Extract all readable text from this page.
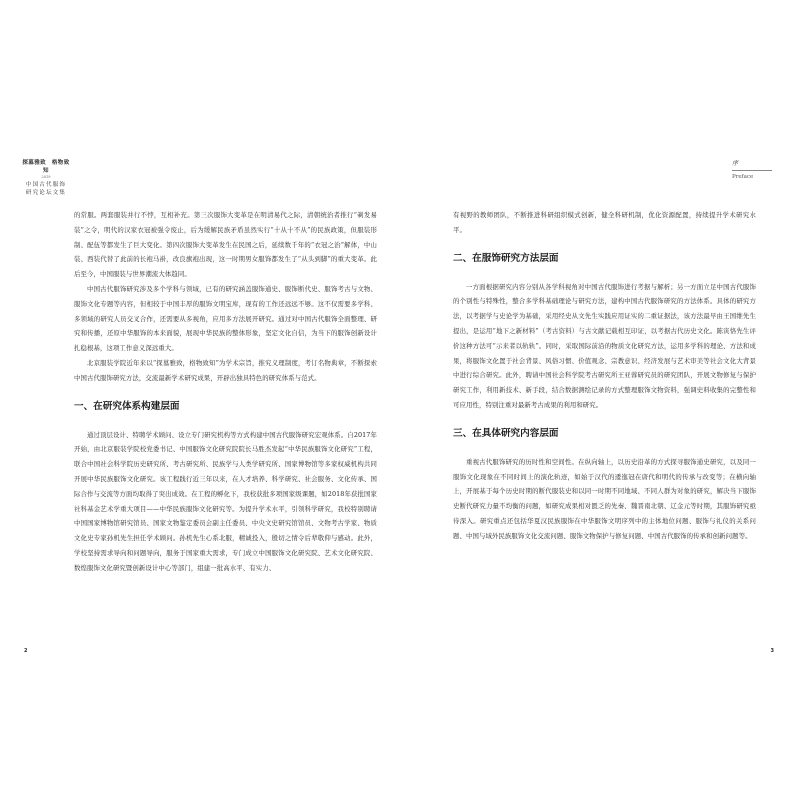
探墓雅致　格物致知
2019
中国古代服饰
研究论坛文集

的常服。两套服装并行不悖，互相补充。第三次服饰大变革是在明清易代之际，清朝统治者推行“剃发易装”之令，明代的汉家衣冠被强令废止，后为缓解民族矛盾虽然实行“十从十不从”的民族政策，但服装形制、配伍等都发生了巨大变化。第四次服饰大变革发生在民国之后，延续数千年的“衣冠之治”解体，中山装、西装代替了此前的长袍马褂，改良旗袍出现，这一时期男女服饰都发生了“从头到脚”的重大变革。此后至今，中国服装与世界潮流大体趋同。

中国古代服饰研究涉及多个学科与领域，已有的研究涵盖服饰通史、服饰断代史、服饰考古与文物、服饰文化专题等内容，但相较于中国丰厚的服饰文明宝库，现有的工作还远远不够。这不仅需要多学科、多领域的研究人员交叉合作，还需要从多视角，应用多方法展开研究。通过对中国古代服饰全面整理、研究和传播，还原中华服饰的本来面貌，展现中华民族的整体形象，坚定文化自信，为当下的服饰创新设计扎稳根基，这项工作意义深远重大。

北京服装学院近年来以“探墓雅致，格物致知”为学术宗旨，推究义理制度，考订名物典章，不断探索中国古代服饰研究方法，交流最新学术研究成果，开辟出独具特色的研究体系与范式。

一、在研究体系构建层面

通过顶层设计、特聘学术顾问、设立专门研究机构等方式构建中国古代服饰研究宏观体系。自2017年开始，由北京服装学院校党委书记、中国服饰文化研究院院长马胜杰发起“中华民族服饰文化研究”工程，联合中国社会科学院历史研究所、考古研究所、民族学与人类学研究所、国家博物馆等多家权威机构共同开展中华民族服饰文化研究。该工程践行近三年以来，在人才培养、科学研究、社会服务、文化传承、国际合作与交流等方面均取得了突出成效。在工程的孵化下，我校获批多项国家级课题，如2018年获批国家社科基金艺术学重大项目——中华民族服饰文化研究等。为提升学术水平，引领科学研究，我校特别聘请中国国家博物馆研究馆员、国家文物鉴定委员会副主任委员、中央文史研究馆馆员、文物考古学家、物质文化史专家孙机先生担任学术顾问。孙机先生心系北服，精诚投入，殷切之情令后辈敬仰与感动。此外，学校坚持需求导向和问题导向，服务于国家重大需求，专门成立中国服饰文化研究院、艺术文化研究院、数煌服饰文化研究暨创新设计中心等部门，组建一批高水平、有实力、

2
序
Preface

有视野的教师团队，不断推进科研组织模式创新，健全科研机制，优化资源配置，持续提升学术研究水平。

二、在服饰研究方法层面

一方面根据研究内容分别从各学科视角对中国古代服饰进行考据与解析；另一方面立足中国古代服饰的个别性与特殊性，整合多学科基础理论与研究方法，建构中国古代服饰研究的方法体系。具体的研究方法，以考据学与史论学为基础，采用经史从文先生实践应用证实的二重证据法，该方法最早由王国维先生提出，是运用“地下之新材料”（考古资料）与古文献记载相互印证，以考据古代历史文化。陈寅恪先生评价这种方法可“示来者以轨轨”。同时，采取国际前沿的物质文化研究方法，运用多学科的理论、方法和成果，将服饰文化置于社会背景、风俗习惯、价值观念、宗教意识、经济发展与艺术审美等社会文化大背景中进行综合研究。此外，聘请中国社会科学院考古研究所王亚蓉研究员的研究团队，开展文物修复与保护研究工作，利用新技术、新手段，结合数据测绘记录的方式整理服饰文物资料，强调史料收集的完整性和可应用性，特别注重对最新考古成果的利用和研究。

三、在具体研究内容层面

重视古代服饰研究的历时性和空间性。在纵向轴上，以历史沿革的方式探寻服饰通史研究，以及同一服饰文化现象在不同时间上的演化轨迹，如始于汉代的逶迤冠在唐代和明代的传承与改变等；在横向轴上，开展基于每个历史时期的断代服装史和以同一时期不同地域、不同人群为对象的研究，解决当下服饰史断代研究力量不均衡的问题，如研究成果相对匮乏的先秦、魏晋南北朝、辽金元等时期，其服饰研究亟待深入。研究重点还包括华夏汉民族服饰在中华服饰文明序列中的主体地位问题、服饰与礼仪的关系问题、中国与域外民族服饰文化交流问题、服饰文物保护与修复问题、中国古代服饰的传承和创新问题等。

3
